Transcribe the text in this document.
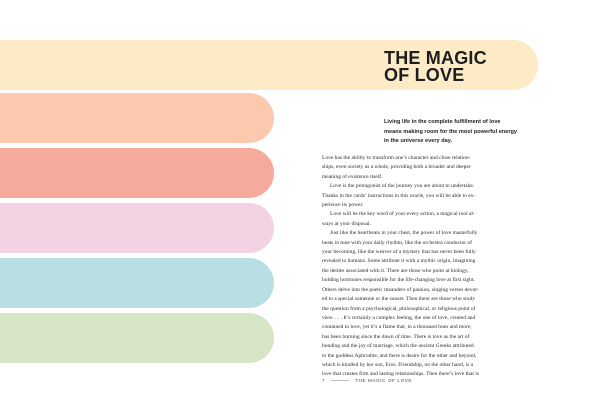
THE MAGIC
OF LOVE

Living life in the complete fulfillment of love
means making room for the most powerful energy
in the universe every day.

Love has the ability to transform one’s character and close relation-
ships, even society as a whole, providing both a broader and deeper
meaning of existence itself.
Love is the protagonist of the journey you are about to undertake.
Thanks to the cards’ instructions in this oracle, you will be able to ex-
perience its power.
Love will be the key word of your every action, a magical tool al-
ways at your disposal.
Just like the heartbeats in your chest, the power of love masterfully
beats in tune with your daily rhythm, like the orchestra conductor of
your becoming, like the weaver of a mystery that has never been fully
revealed to humans. Some attribute it with a mythic origin, imagining
the deities associated with it. There are those who point at biology,
holding hormones responsible for the life-changing love at first sight.
Others delve into the poetic meanders of passion, singing verses devot-
ed to a special someone or the sunset. Then there are those who study
the question from a psychological, philosophical, or religious point of
view. . . . It’s certainly a complex feeling, the one of love, created and
contained in love, yet it’s a flame that, in a thousand hues and more,
has been burning since the dawn of time. There is love as the art of
bonding and the joy of marriage, which the ancient Greeks attributed
to the goddess Aphrodite, and there is desire for the other and beyond,
which is kindled by her son, Eros. Friendship, on the other hand, is a
love that creates firm and lasting relationships. Then there’s love that is
7	THE MAGIC OF LOVE
